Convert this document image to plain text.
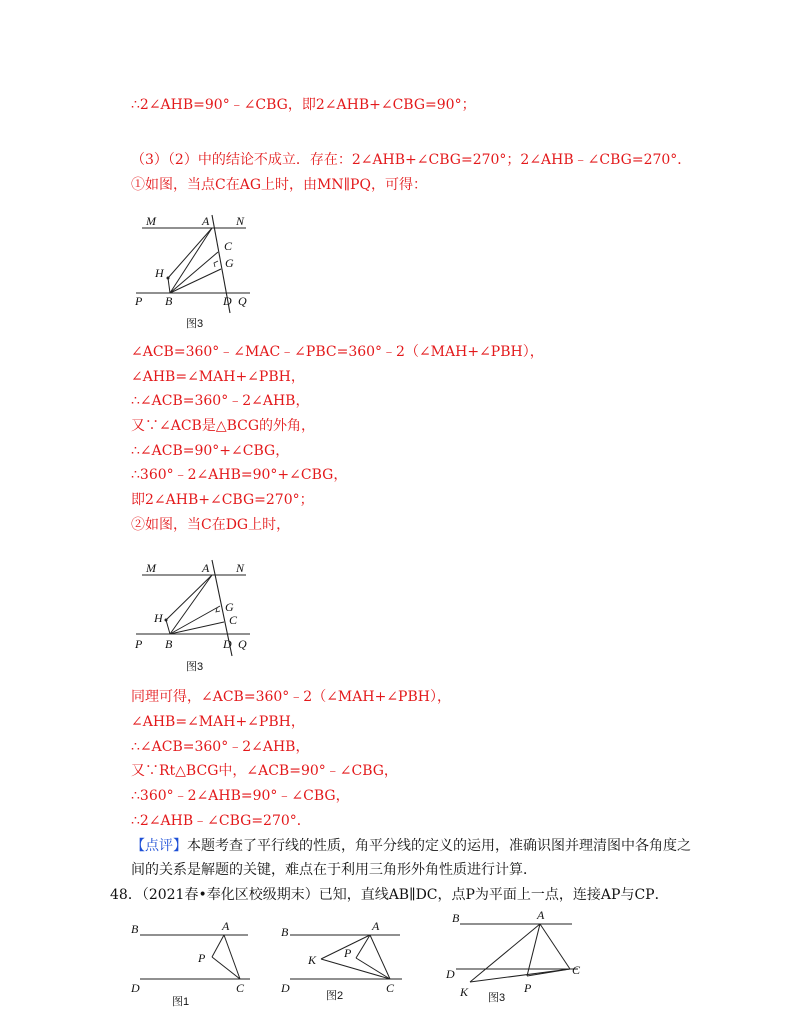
∴2∠AHB=90°﹣∠CBG，即2∠AHB+∠CBG=90°；
（3）（2）中的结论不成立．存在：2∠AHB+∠CBG=270°；2∠AHB﹣∠CBG=270°．
①如图，当点C在AG上时，由MN∥PQ，可得：
M	A N
C
G
H
P B	D Q
图3
∠ACB=360°﹣∠MAC﹣∠PBC=360°﹣2（∠MAH+∠PBH），
∠AHB=∠MAH+∠PBH，
∴∠ACB=360°﹣2∠AHB，
又∵∠ACB是△BCG的外角，
∴∠ACB=90°+∠CBG，
∴360°﹣2∠AHB=90°+∠CBG，
即2∠AHB+∠CBG=270°；
②如图，当C在DG上时，
M	A N
G
C
H
P B	D Q
图3
同理可得，∠ACB=360°﹣2（∠MAH+∠PBH），
∠AHB=∠MAH+∠PBH，
∴∠ACB=360°﹣2∠AHB，
又∵Rt△BCG中，∠ACB=90°﹣∠CBG，
∴360°﹣2∠AHB=90°﹣∠CBG，
∴2∠AHB﹣∠CBG=270°．
【点评】本题考查了平行线的性质，角平分线的定义的运用，准确识图并理清图中各角度之
间的关系是解题的关键，难点在于利用三角形外角性质进行计算．
48．（2021春•奉化区校级期末）已知，直线AB∥DC，点P为平面上一点，连接AP与CP．
B	A
P
D	C
图1
B	A
K P
D	C
图2
B	A
D	C
K	P
图3
